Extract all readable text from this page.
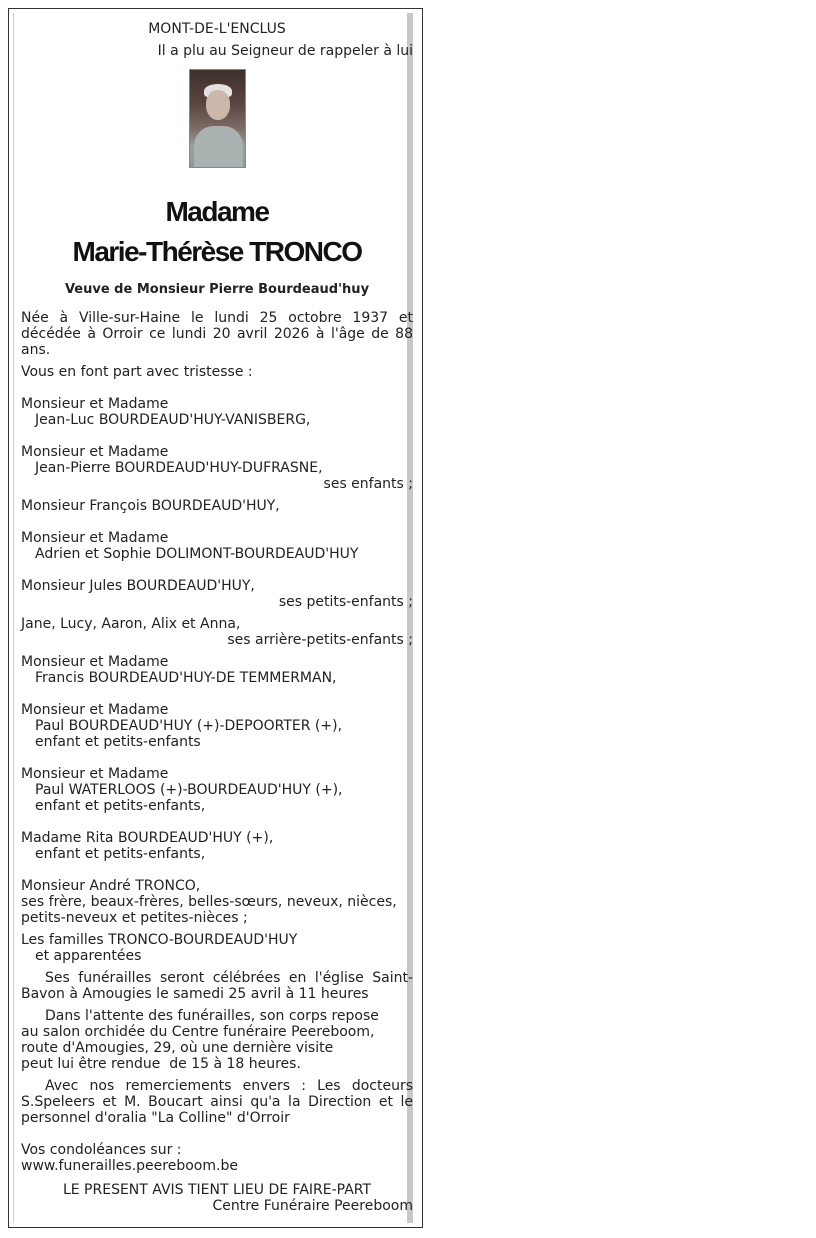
MONT-DE-L'ENCLUS
Il a plu au Seigneur de rappeler à lui
Madame
Marie-Thérèse TRONCO
Veuve de Monsieur Pierre Bourdeaud'huy
Née à Ville-sur-Haine le lundi 25 octobre 1937 et décédée à Orroir ce lundi 20 avril 2026 à l'âge de 88 ans.
Vous en font part avec tristesse :
Monsieur et Madame
Jean-Luc BOURDEAUD'HUY-VANISBERG,
Monsieur et Madame
Jean-Pierre BOURDEAUD'HUY-DUFRASNE,
ses enfants ;
Monsieur François BOURDEAUD'HUY,
Monsieur et Madame
Adrien et Sophie DOLIMONT-BOURDEAUD'HUY
Monsieur Jules BOURDEAUD'HUY,
ses petits-enfants ;
Jane, Lucy, Aaron, Alix et Anna,
ses arrière-petits-enfants ;
Monsieur et Madame
Francis BOURDEAUD'HUY-DE TEMMERMAN,
Monsieur et Madame
Paul BOURDEAUD'HUY (+)-DEPOORTER (+),
enfant et petits-enfants
Monsieur et Madame
Paul WATERLOOS (+)-BOURDEAUD'HUY (+),
enfant et petits-enfants,
Madame Rita BOURDEAUD'HUY (+),
enfant et petits-enfants,
Monsieur André TRONCO,
ses frère, beaux-frères, belles-sœurs, neveux, nièces, petits-neveux et petites-nièces ;
Les familles TRONCO-BOURDEAUD'HUY
et apparentées
Ses funérailles seront célébrées en l'église Saint-Bavon à Amougies le samedi 25 avril à 11 heures
Dans l'attente des funérailles, son corps repose
au salon orchidée du Centre funéraire Peereboom,
route d'Amougies, 29, où une dernière visite
peut lui être rendue  de 15 à 18 heures.
Avec nos remerciements envers : Les docteurs S.Speleers et M. Boucart ainsi qu'a la Direction et le personnel d'oralia "La Colline" d'Orroir
Vos condoléances sur :
www.funerailles.peereboom.be
LE PRESENT AVIS TIENT LIEU DE FAIRE-PART
Centre Funéraire Peereboom
